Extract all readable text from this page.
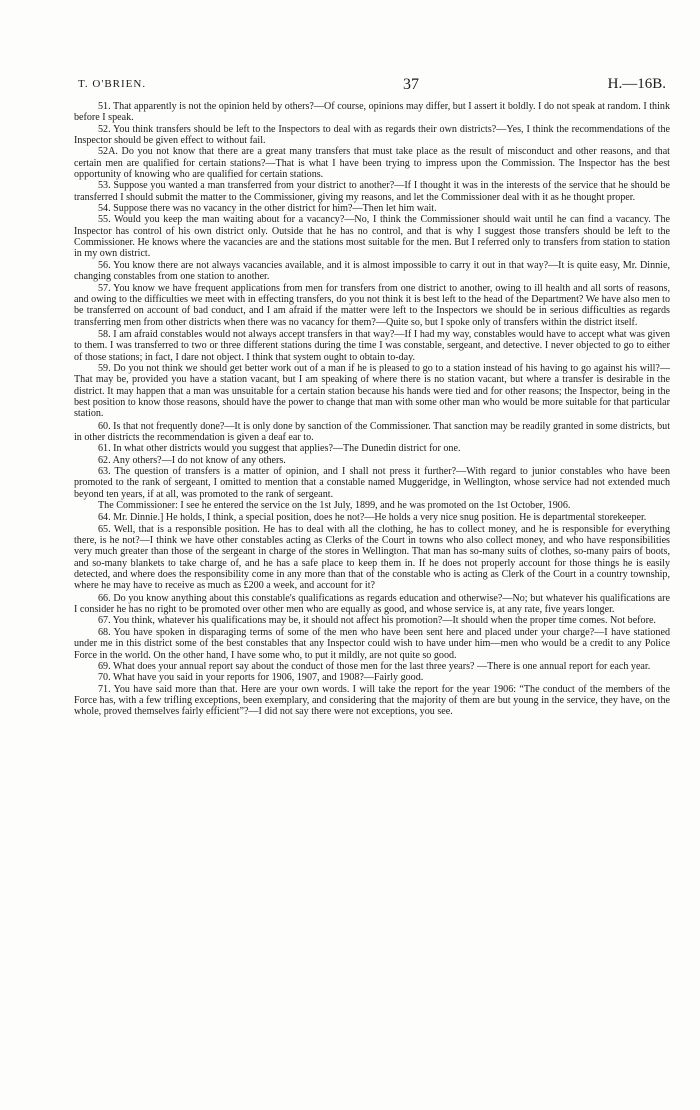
T. O'BRIEN.	37	H.—16B.

51. That apparently is not the opinion held by others?—Of course, opinions may differ, but I assert it boldly. I do not speak at random. I think before I speak.

52. You think transfers should be left to the Inspectors to deal with as regards their own districts?—Yes, I think the recommendations of the Inspector should be given effect to without fail.

52A. Do you not know that there are a great many transfers that must take place as the result of misconduct and other reasons, and that certain men are qualified for certain stations?—That is what I have been trying to impress upon the Commission. The Inspector has the best opportunity of knowing who are qualified for certain stations.

53. Suppose you wanted a man transferred from your district to another?—If I thought it was in the interests of the service that he should be transferred I should submit the matter to the Commissioner, giving my reasons, and let the Commissioner deal with it as he thought proper.

54. Suppose there was no vacancy in the other district for him?—Then let him wait.

55. Would you keep the man waiting about for a vacancy?—No, I think the Commissioner should wait until he can find a vacancy. The Inspector has control of his own district only. Outside that he has no control, and that is why I suggest those transfers should be left to the Commissioner. He knows where the vacancies are and the stations most suitable for the men. But I referred only to transfers from station to station in my own district.

56. You know there are not always vacancies available, and it is almost impossible to carry it out in that way?—It is quite easy, Mr. Dinnie, changing constables from one station to another.

57. You know we have frequent applications from men for transfers from one district to another, owing to ill health and all sorts of reasons, and owing to the difficulties we meet with in effecting transfers, do you not think it is best left to the head of the Department? We have also men to be transferred on account of bad conduct, and I am afraid if the matter were left to the Inspectors we should be in serious difficulties as regards transferring men from other districts when there was no vacancy for them?—Quite so, but I spoke only of transfers within the district itself.

58. I am afraid constables would not always accept transfers in that way?—If I had my way, constables would have to accept what was given to them. I was transferred to two or three different stations during the time I was constable, sergeant, and detective. I never objected to go to either of those stations; in fact, I dare not object. I think that system ought to obtain to-day.

59. Do you not think we should get better work out of a man if he is pleased to go to a station instead of his having to go against his will?—That may be, provided you have a station vacant, but I am speaking of where there is no station vacant, but where a transfer is desirable in the district. It may happen that a man was unsuitable for a certain station because his hands were tied and for other reasons; the Inspector, being in the best position to know those reasons, should have the power to change that man with some other man who would be more suitable for that particular station.

60. Is that not frequently done?—It is only done by sanction of the Commissioner. That sanction may be readily granted in some districts, but in other districts the recommendation is given a deaf ear to.

61. In what other districts would you suggest that applies?—The Dunedin district for one.

62. Any others?—I do not know of any others.

63. The question of transfers is a matter of opinion, and I shall not press it further?—With regard to junior constables who have been promoted to the rank of sergeant, I omitted to mention that a constable named Muggeridge, in Wellington, whose service had not extended much beyond ten years, if at all, was promoted to the rank of sergeant.

The Commissioner: I see he entered the service on the 1st July, 1899, and he was promoted on the 1st October, 1906.

64. Mr. Dinnie.] He holds, I think, a special position, does he not?—He holds a very nice snug position. He is departmental storekeeper.

65. Well, that is a responsible position. He has to deal with all the clothing, he has to collect money, and he is responsible for everything there, is he not?—I think we have other constables acting as Clerks of the Court in towns who also collect money, and who have responsibilities very much greater than those of the sergeant in charge of the stores in Wellington. That man has so-many suits of clothes, so-many pairs of boots, and so-many blankets to take charge of, and he has a safe place to keep them in. If he does not properly account for those things he is easily detected, and where does the responsibility come in any more than that of the constable who is acting as Clerk of the Court in a country township, where he may have to receive as much as £200 a week, and account for it?

66. Do you know anything about this constable's qualifications as regards education and otherwise?—No; but whatever his qualifications are I consider he has no right to be promoted over other men who are equally as good, and whose service is, at any rate, five years longer.

67. You think, whatever his qualifications may be, it should not affect his promotion?—It should when the proper time comes. Not before.

68. You have spoken in disparaging terms of some of the men who have been sent here and placed under your charge?—I have stationed under me in this district some of the best constables that any Inspector could wish to have under him—men who would be a credit to any Police Force in the world. On the other hand, I have some who, to put it mildly, are not quite so good.

69. What does your annual report say about the conduct of those men for the last three years? —There is one annual report for each year.

70. What have you said in your reports for 1906, 1907, and 1908?—Fairly good.

71. You have said more than that. Here are your own words. I will take the report for the year 1906: “The conduct of the members of the Force has, with a few trifling exceptions, been exemplary, and considering that the majority of them are but young in the service, they have, on the whole, proved themselves fairly efficient”?—I did not say there were not exceptions, you see.
